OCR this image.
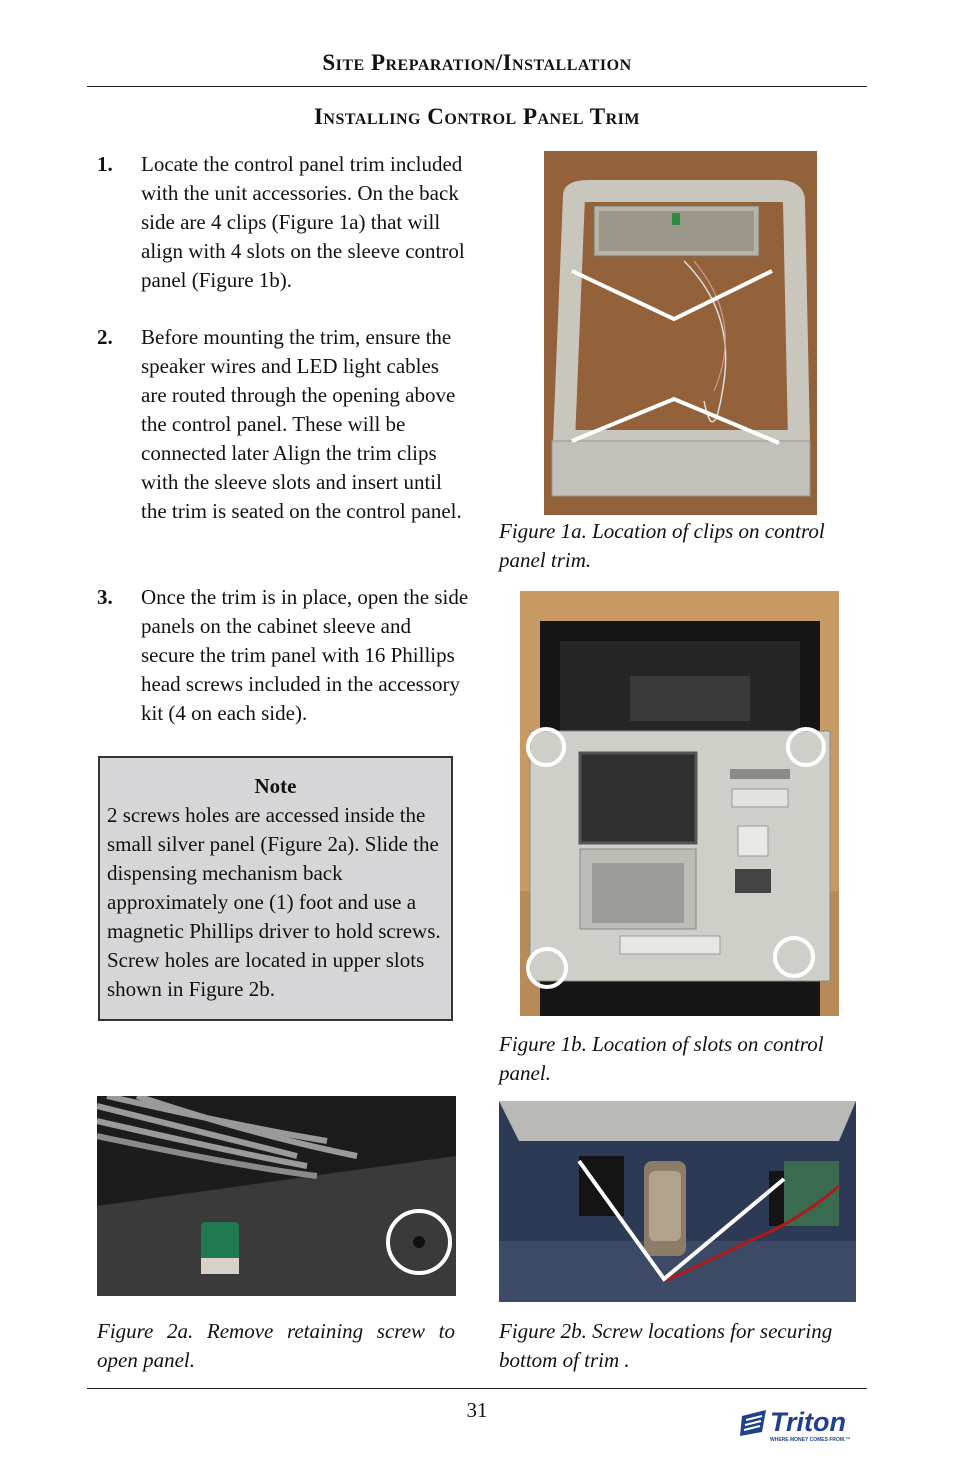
Site Preparation/Installation
Installing Control Panel Trim
1. Locate the control panel trim included with the unit accessories. On the back side are 4 clips (Figure 1a) that will align with 4 slots on the sleeve control panel (Figure 1b).
2. Before mounting the trim, ensure the speaker wires and LED light cables are routed through the opening above the control panel. These will be connected later Align the trim clips with the sleeve slots and insert until the trim is seated on the control panel.
3. Once the trim is in place, open the side panels on the cabinet sleeve and secure the trim panel with 16 Phillips head screws included in the accessory kit (4 on each side).
Note
2 screws holes are accessed inside the small silver panel (Figure 2a). Slide the dispensing mechanism back approximately one (1) foot and use a magnetic Phillips driver to hold screws. Screw holes are located in upper slots shown in Figure 2b.
Figure 1a. Location of clips on control panel trim.
Figure 1b. Location of slots on control panel.
Figure 2a. Remove retaining screw to open panel.
Figure 2b. Screw locations for securing bottom of trim .
31	Triton
WHERE MONEY COMES FROM.™
